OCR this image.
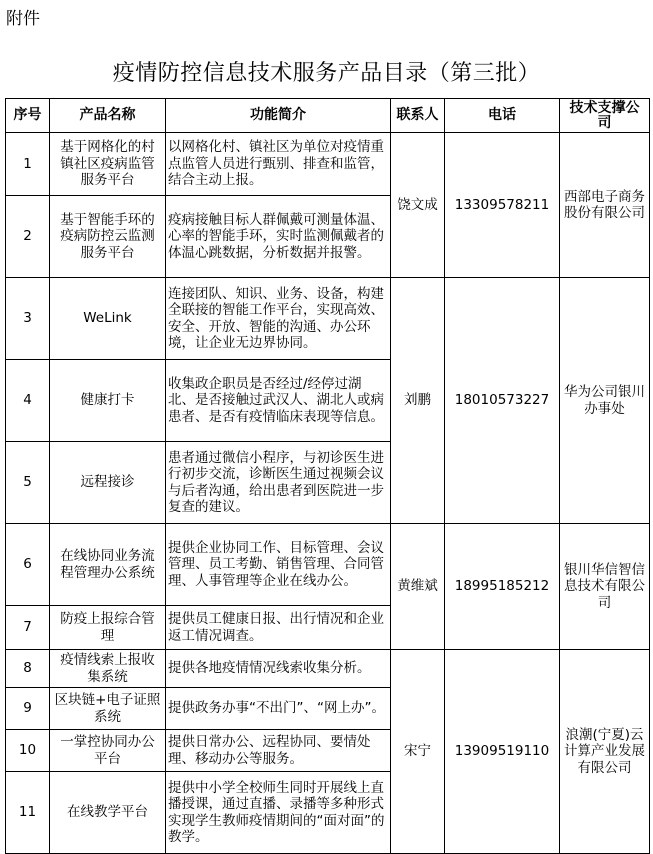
附件
疫情防控信息技术服务产品目录（第三批）
序号	产品名称	功能简介	联系人	电话	技术支撑公司
1	基于网格化的村镇社区疫病监管服务平台	以网格化村、镇社区为单位对疫情重点监管人员进行甄别、排查和监管，结合主动上报。	饶文成	13309578211	西部电子商务股份有限公司
2	基于智能手环的疫病防控云监测服务平台	疫病接触目标人群佩戴可测量体温、心率的智能手环，实时监测佩戴者的体温心跳数据，分析数据并报警。			
3	WeLink	连接团队、知识、业务、设备，构建全联接的智能工作平台，实现高效、安全、开放、智能的沟通、办公环境，让企业无边界协同。	刘鹏	18010573227	华为公司银川办事处
4	健康打卡	收集政企职员是否经过/经停过湖北、是否接触过武汉人、湖北人或病患者、是否有疫情临床表现等信息。			
5	远程接诊	患者通过微信小程序，与初诊医生进行初步交流，诊断医生通过视频会议与后者沟通，给出患者到医院进一步复查的建议。			
6	在线协同业务流程管理办公系统	提供企业协同工作、目标管理、会议管理、员工考勤、销售管理、合同管理、人事管理等企业在线办公。	黄维斌	18995185212	银川华信智信息技术有限公司
7	防疫上报综合管理	提供员工健康日报、出行情况和企业返工情况调查。			
8	疫情线索上报收集系统	提供各地疫情情况线索收集分析。	宋宁	13909519110	浪潮(宁夏)云计算产业发展有限公司
9	区块链+电子证照系统	提供政务办事“不出门”、“网上办”。			
10	一掌控协同办公平台	提供日常办公、远程协同、要情处理、移动办公等服务。			
11	在线教学平台	提供中小学全校师生同时开展线上直播授课，通过直播、录播等多种形式实现学生教师疫情期间的“面对面”的教学。			
